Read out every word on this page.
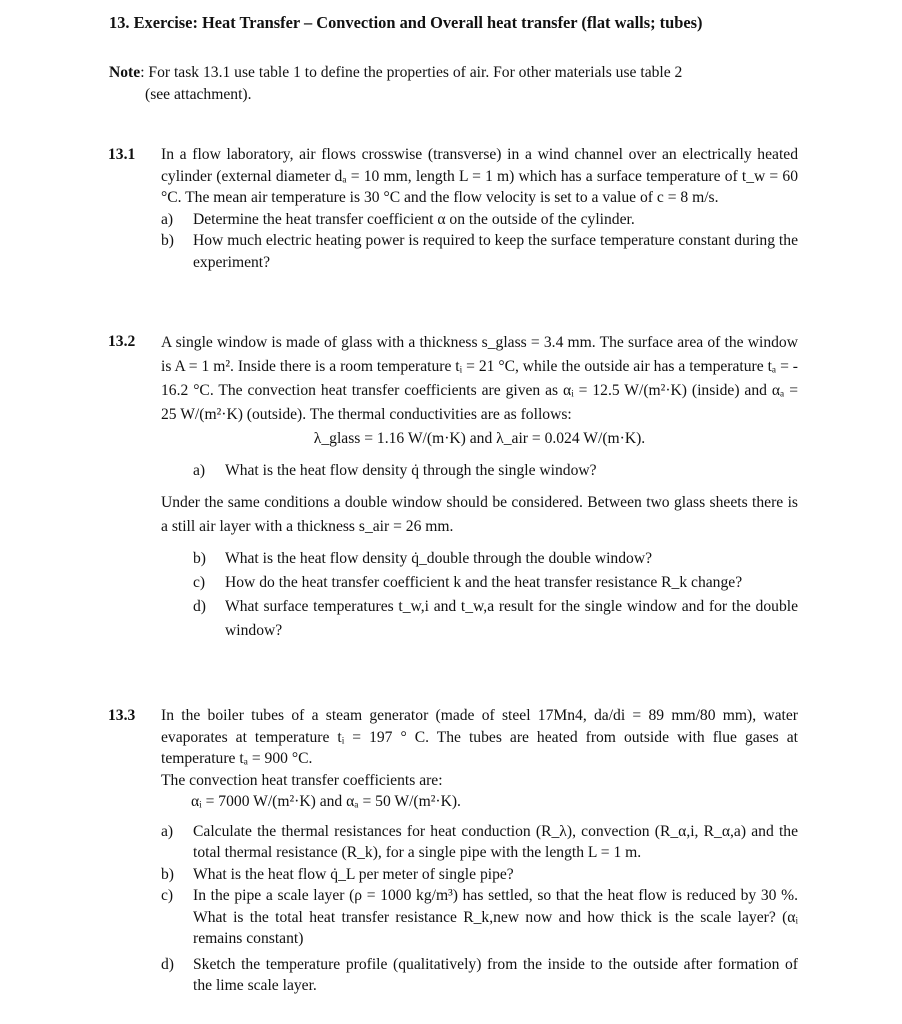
13. Exercise: Heat Transfer – Convection and Overall heat transfer (flat walls; tubes)
Note: For task 13.1 use table 1 to define the properties of air. For other materials use table 2
(see attachment).
13.1 In a flow laboratory, air flows crosswise (transverse) in a wind channel over an electrically heated cylinder (external diameter dₐ = 10 mm, length L = 1 m) which has a surface temperature of t_w = 60 °C. The mean air temperature is 30 °C and the flow velocity is set to a value of c = 8 m/s.

a)	Determine the heat transfer coefficient α on the outside of the cylinder.
b)	How much electric heating power is required to keep the surface temperature constant during the experiment?
13.2 A single window is made of glass with a thickness s_glass = 3.4 mm. The surface area of the window is A = 1 m². Inside there is a room temperature tᵢ = 21 °C, while the outside air has a temperature tₐ = - 16.2 °C. The convection heat transfer coefficients are given as αᵢ = 12.5 W/(m²·K) (inside) and αₐ = 25 W/(m²·K) (outside). The thermal conductivities are as follows:

λ_glass = 1.16 W/(m·K) and λ_air = 0.024 W/(m·K).

a)	What is the heat flow density q̇ through the single window?

Under the same conditions a double window should be considered. Between two glass sheets there is a still air layer with a thickness s_air = 26 mm.

b)	What is the heat flow density q̇_double through the double window?
c)	How do the heat transfer coefficient k and the heat transfer resistance R_k change?
d)	What surface temperatures t_w,i and t_w,a result for the single window and for the double window?
13.3 In the boiler tubes of a steam generator (made of steel 17Mn4, da/di = 89 mm/80 mm), water evaporates at temperature tᵢ = 197 ° C. The tubes are heated from outside with flue gases at temperature tₐ = 900 °C.

The convection heat transfer coefficients are:

αᵢ = 7000 W/(m²·K) and αₐ = 50 W/(m²·K).

a)	Calculate the thermal resistances for heat conduction (R_λ), convection (R_α,i, R_α,a) and the total thermal resistance (R_k), for a single pipe with the length L = 1 m.
b)	What is the heat flow q̇_L per meter of single pipe?
c)	In the pipe a scale layer (ρ = 1000 kg/m³) has settled, so that the heat flow is reduced by 30 %. What is the total heat transfer resistance R_k,new now and how thick is the scale layer? (αᵢ remains constant)
d)	Sketch the temperature profile (qualitatively) from the inside to the outside after formation of the lime scale layer.
